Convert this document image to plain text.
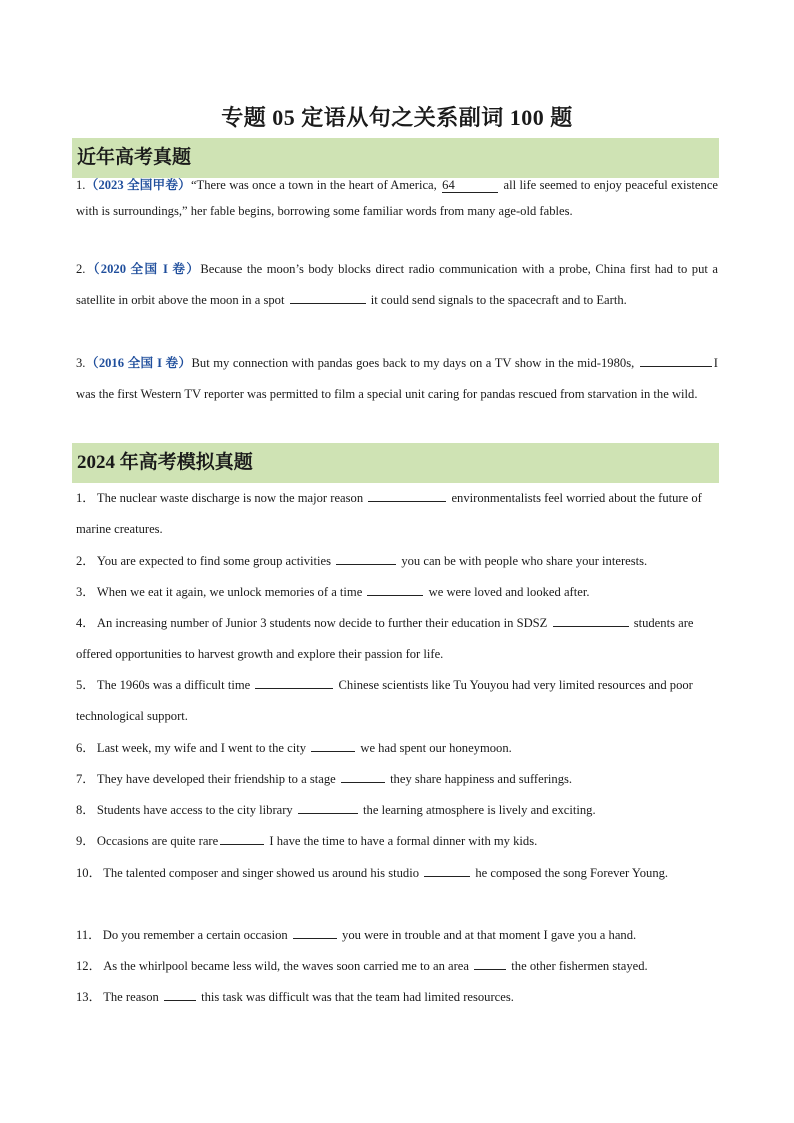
专题 05 定语从句之关系副词 100 题
近年高考真题

1.（2023 全国甲卷）“There was once a town in the heart of America, 64	all life seemed to enjoy peaceful existence with is surroundings,” her fable begins, borrowing some familiar words from many age-old fables.

2.（2020 全国 I 卷）Because the moon’s body blocks direct radio communication with a probe, China first had to put a satellite in orbit above the moon in a spot	it could send signals to the spacecraft and to Earth.

3.（2016 全国 I 卷）But my connection with pandas goes back to my days on a TV show in the mid-1980s,	I was the first Western TV reporter was permitted to film a special unit caring for pandas rescued from starvation in the wild.

2024 年高考模拟真题

1． The nuclear waste discharge is now the major reason	environmentalists feel worried about the future of marine creatures.

2． You are expected to find some group activities	you can be with people who share your interests.

3． When we eat it again, we unlock memories of a time	we were loved and looked after.

4． An increasing number of Junior 3 students now decide to further their education in SDSZ	students are offered opportunities to harvest growth and explore their passion for life.

5． The 1960s was a difficult time	Chinese scientists like Tu Youyou had very limited resources and poor technological support.

6． Last week, my wife and I went to the city	we had spent our honeymoon.

7． They have developed their friendship to a stage	they share happiness and sufferings.

8． Students have access to the city library	the learning atmosphere is lively and exciting.

9． Occasions are quite rare	I have the time to have a formal dinner with my kids.

10． The talented composer and singer showed us around his studio	he composed the song Forever Young.

11． Do you remember a certain occasion	you were in trouble and at that moment I gave you a hand.

12． As the whirlpool became less wild, the waves soon carried me to an area	the other fishermen stayed.

13． The reason	this task was difficult was that the team had limited resources.
